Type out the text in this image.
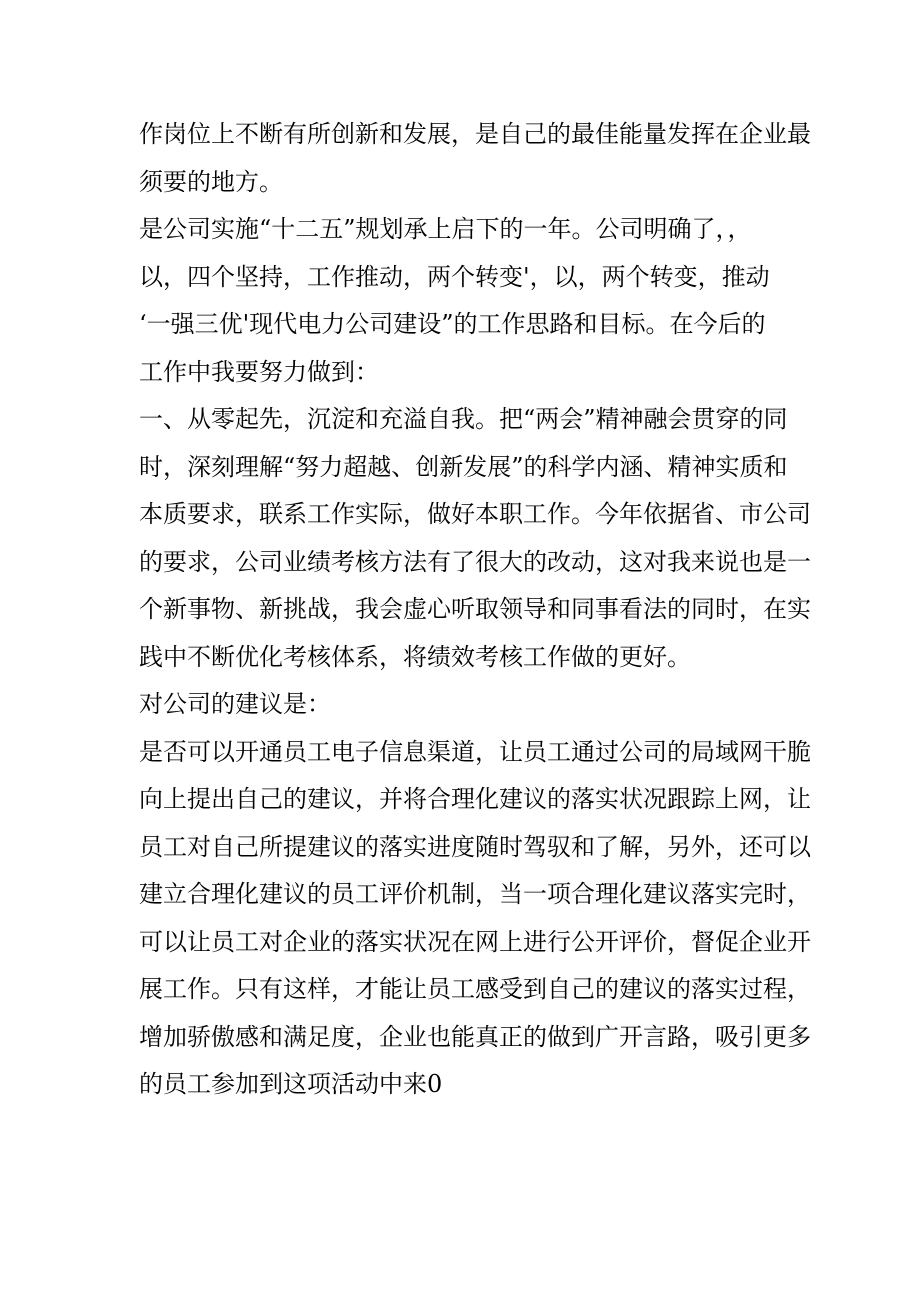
作岗位上不断有所创新和发展，是自己的最佳能量发挥在企业最
须要的地方。
是公司实施“十二五”规划承上启下的一年。公司明确了，，
以，四个坚持，工作推动，两个转变'，以，两个转变，推动
‘一强三优'现代电力公司建设”的工作思路和目标。在今后的
工作中我要努力做到：
一、从零起先，沉淀和充溢自我。把“两会”精神融会贯穿的同
时，深刻理解“努力超越、创新发展”的科学内涵、精神实质和
本质要求，联系工作实际，做好本职工作。今年依据省、市公司
的要求，公司业绩考核方法有了很大的改动，这对我来说也是一
个新事物、新挑战，我会虚心听取领导和同事看法的同时，在实
践中不断优化考核体系，将绩效考核工作做的更好。
对公司的建议是：
是否可以开通员工电子信息渠道，让员工通过公司的局域网干脆
向上提出自己的建议，并将合理化建议的落实状况跟踪上网，让
员工对自己所提建议的落实进度随时驾驭和了解，另外，还可以
建立合理化建议的员工评价机制，当一项合理化建议落实完时，
可以让员工对企业的落实状况在网上进行公开评价，督促企业开
展工作。只有这样，才能让员工感受到自己的建议的落实过程，
增加骄傲感和满足度，企业也能真正的做到广开言路，吸引更多
的员工参加到这项活动中来0
